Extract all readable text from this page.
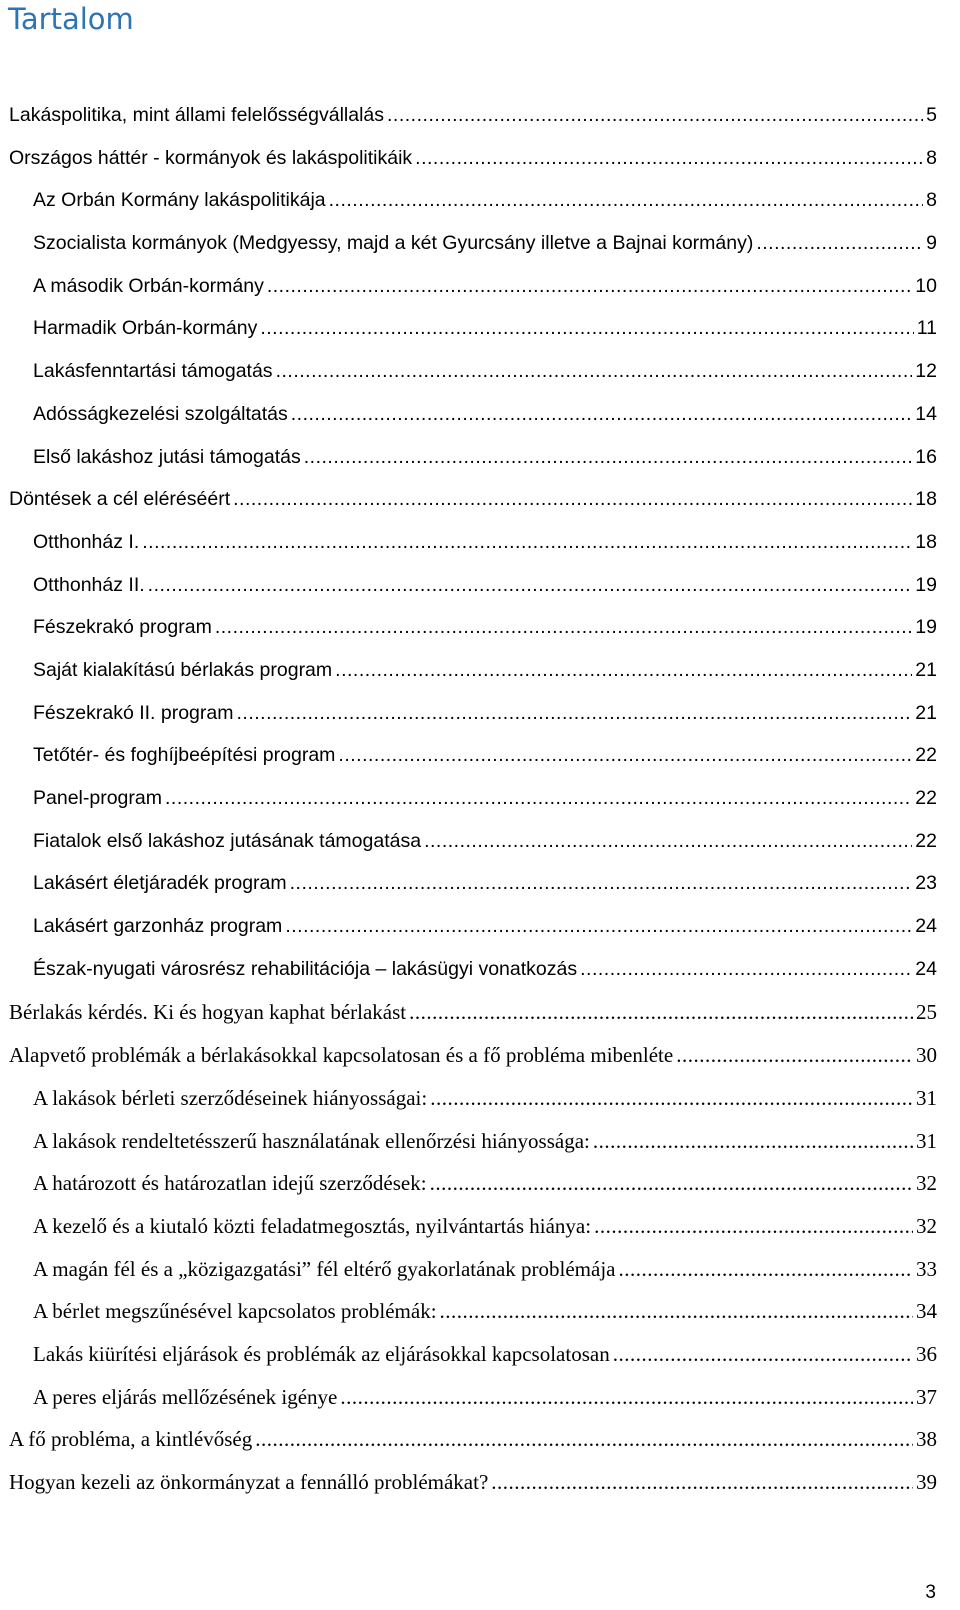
Tartalom
Lakáspolitika, mint állami felelősségvállalás .....	5
Országos háttér - kormányok és lakáspolitikáik .....	8
Az Orbán Kormány lakáspolitikája .....	8
Szocialista kormányok (Medgyessy, majd a két Gyurcsány illetve a Bajnai kormány) .....	9
A második Orbán-kormány .....	10
Harmadik Orbán-kormány .....	11
Lakásfenntartási támogatás .....	12
Adósságkezelési szolgáltatás .....	14
Első lakáshoz jutási támogatás .....	16
Döntések a cél eléréséért .....	18
Otthonház I. .....	18
Otthonház II. .....	19
Fészekrakó program .....	19
Saját kialakítású bérlakás program .....	21
Fészekrakó II. program .....	21
Tetőtér- és foghíjbeépítési program .....	22
Panel-program .....	22
Fiatalok első lakáshoz jutásának támogatása .....	22
Lakásért életjáradék program .....	23
Lakásért garzonház program .....	24
Észak-nyugati városrész rehabilitációja – lakásügyi vonatkozás .....	24
Bérlakás kérdés. Ki és hogyan kaphat bérlakást .....	25
Alapvető problémák a bérlakásokkal kapcsolatosan és a fő probléma mibenléte .....	30
A lakások bérleti szerződéseinek hiányosságai: .....	31
A lakások rendeltetésszerű használatának ellenőrzési hiányossága: .....	31
A határozott és határozatlan idejű szerződések: .....	32
A kezelő és a kiutaló közti feladatmegosztás, nyilvántartás hiánya: .....	32
A magán fél és a „közigazgatási” fél eltérő gyakorlatának problémája .....	33
A bérlet megszűnésével kapcsolatos problémák: .....	34
Lakás kiürítési eljárások és problémák az eljárásokkal kapcsolatosan .....	36
A peres eljárás mellőzésének igénye .....	37
A fő probléma, a kintlévőség .....	38
Hogyan kezeli az önkormányzat a fennálló problémákat? .....	39
3
